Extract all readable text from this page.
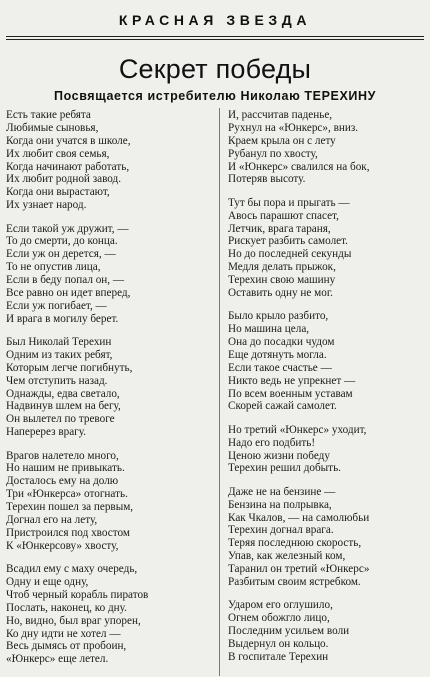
КРАСНАЯ ЗВЕЗДА
Секрет победы
Посвящается истребителю Николаю ТЕРЕХИНУ
Есть такие ребята
Любимые сыновья,
Когда они учатся в школе,
Их любит своя семья,
Когда начинают работать,
Их любит родной завод.
Когда они вырастают,
Их узнает народ.
Если такой уж дружит, —
То до смерти, до конца.
Если уж он дерется, —
То не опустив лица,
Если в беду попал он, —
Все равно он идет вперед,
Если уж погибает, —
И врага в могилу берет.
Был Николай Терехин
Одним из таких ребят,
Которым легче погибнуть,
Чем отступить назад.
Однажды, едва светало,
Надвинув шлем на бегу,
Он вылетел по тревоге
Наперерез врагу.
Врагов налетело много,
Но нашим не привыкать.
Досталось ему на долю
Три «Юнкерса» отогнать.
Терехин пошел за первым,
Догнал его на лету,
Пристроился под хвостом
К «Юнкерсову» хвосту,
Всадил ему с маху очередь,
Одну и еще одну,
Чтоб черный корабль пиратов
Послать, наконец, ко дну.
Но, видно, был враг упорен,
Ко дну идти не хотел —
Весь дымясь от пробоин,
«Юнкерс» еще летел.
И, рассчитав паденье,
Рухнул на «Юнкерс», вниз.
Краем крыла он с лету
Рубанул по хвосту,
И «Юнкерс» свалился на бок,
Потеряв высоту.
Тут бы пора и прыгать —
Авось парашют спасет,
Летчик, врага тараня,
Рискует разбить самолет.
Но до последней секунды
Медля делать прыжок,
Терехин свою машину
Оставить одну не мог.
Было крыло разбито,
Но машина цела,
Она до посадки чудом
Еще дотянуть могла.
Если такое счастье —
Никто ведь не упрекнет —
По всем военным уставам
Скорей сажай самолет.
Но третий «Юнкерс» уходит,
Надо его подбить!
Ценою жизни победу
Терехин решил добыть.
Даже не на бензине —
Бензина на полрывка,
Как Чкалов, — на самолюбьи
Терехин догнал врага.
Теряя последнюю скорость,
Упав, как железный ком,
Таранил он третий «Юнкерс»
Разбитым своим ястребком.
Ударом его оглушило,
Огнем обожгло лицо,
Последним усильем воли
Выдернул он кольцо.
В госпитале Терехин
